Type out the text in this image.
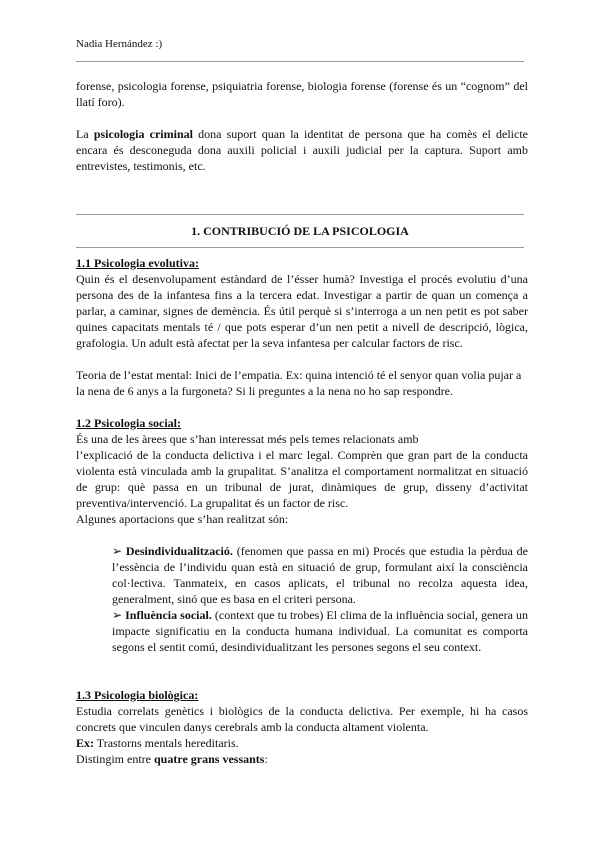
Nadia Hernández :)
forense, psicologia forense, psiquiatria forense, biologia forense (forense és un “cognom” del llatí foro).
La psicologia criminal dona suport quan la identitat de persona que ha comès el delicte encara és desconeguda dona auxili policial i auxili judicial per la captura. Suport amb entrevistes, testimonis, etc.
1. CONTRIBUCIÓ DE LA PSICOLOGIA
1.1 Psicologia evolutiva:
Quin és el desenvolupament estàndard de l’ésser humà? Investiga el procés evolutiu d’una persona des de la infantesa fins a la tercera edat. Investigar a partir de quan un comença a parlar, a caminar, signes de demència. És útil perquè si s’interroga a un nen petit es pot saber quines capacitats mentals té / que pots esperar d’un nen petit a nivell de descripció, lògica, grafologia. Un adult està afectat per la seva infantesa per calcular factors de risc.
Teoria de l’estat mental: Inici de l’empatia. Ex: quina intenció té el senyor quan volia pujar a
la nena de 6 anys a la furgoneta? Si li preguntes a la nena no ho sap respondre.
1.2 Psicologia social:
És una de les àrees que s’han interessat més pels temes relacionats amb
l’explicació de la conducta delictiva i el marc legal. Comprèn que gran part de la conducta violenta està vinculada amb la grupalitat. S’analitza el comportament normalitzat en situació de grup: què passa en un tribunal de jurat, dinàmiques de grup, disseny d’activitat preventiva/intervenció. La grupalitat és un factor de risc.
Algunes aportacions que s’han realitzat són:
➢ Desindividualització. (fenomen que passa en mi) Procés que estudia la pèrdua de l’essència de l’individu quan està en situació de grup, formulant així la consciència col·lectiva. Tanmateix, en casos aplicats, el tribunal no recolza aquesta idea, generalment, sinó que es basa en el criteri persona.
➢ Influència social. (context que tu trobes) El clima de la influència social, genera un impacte significatiu en la conducta humana individual. La comunitat es comporta segons el sentit comú, desindividualitzant les persones segons el seu context.
1.3 Psicologia biològica:
Estudia correlats genètics i biològics de la conducta delictiva. Per exemple, hi ha casos concrets que vinculen danys cerebrals amb la conducta altament violenta.
Ex: Trastorns mentals hereditaris.
Distingim entre quatre grans vessants:
